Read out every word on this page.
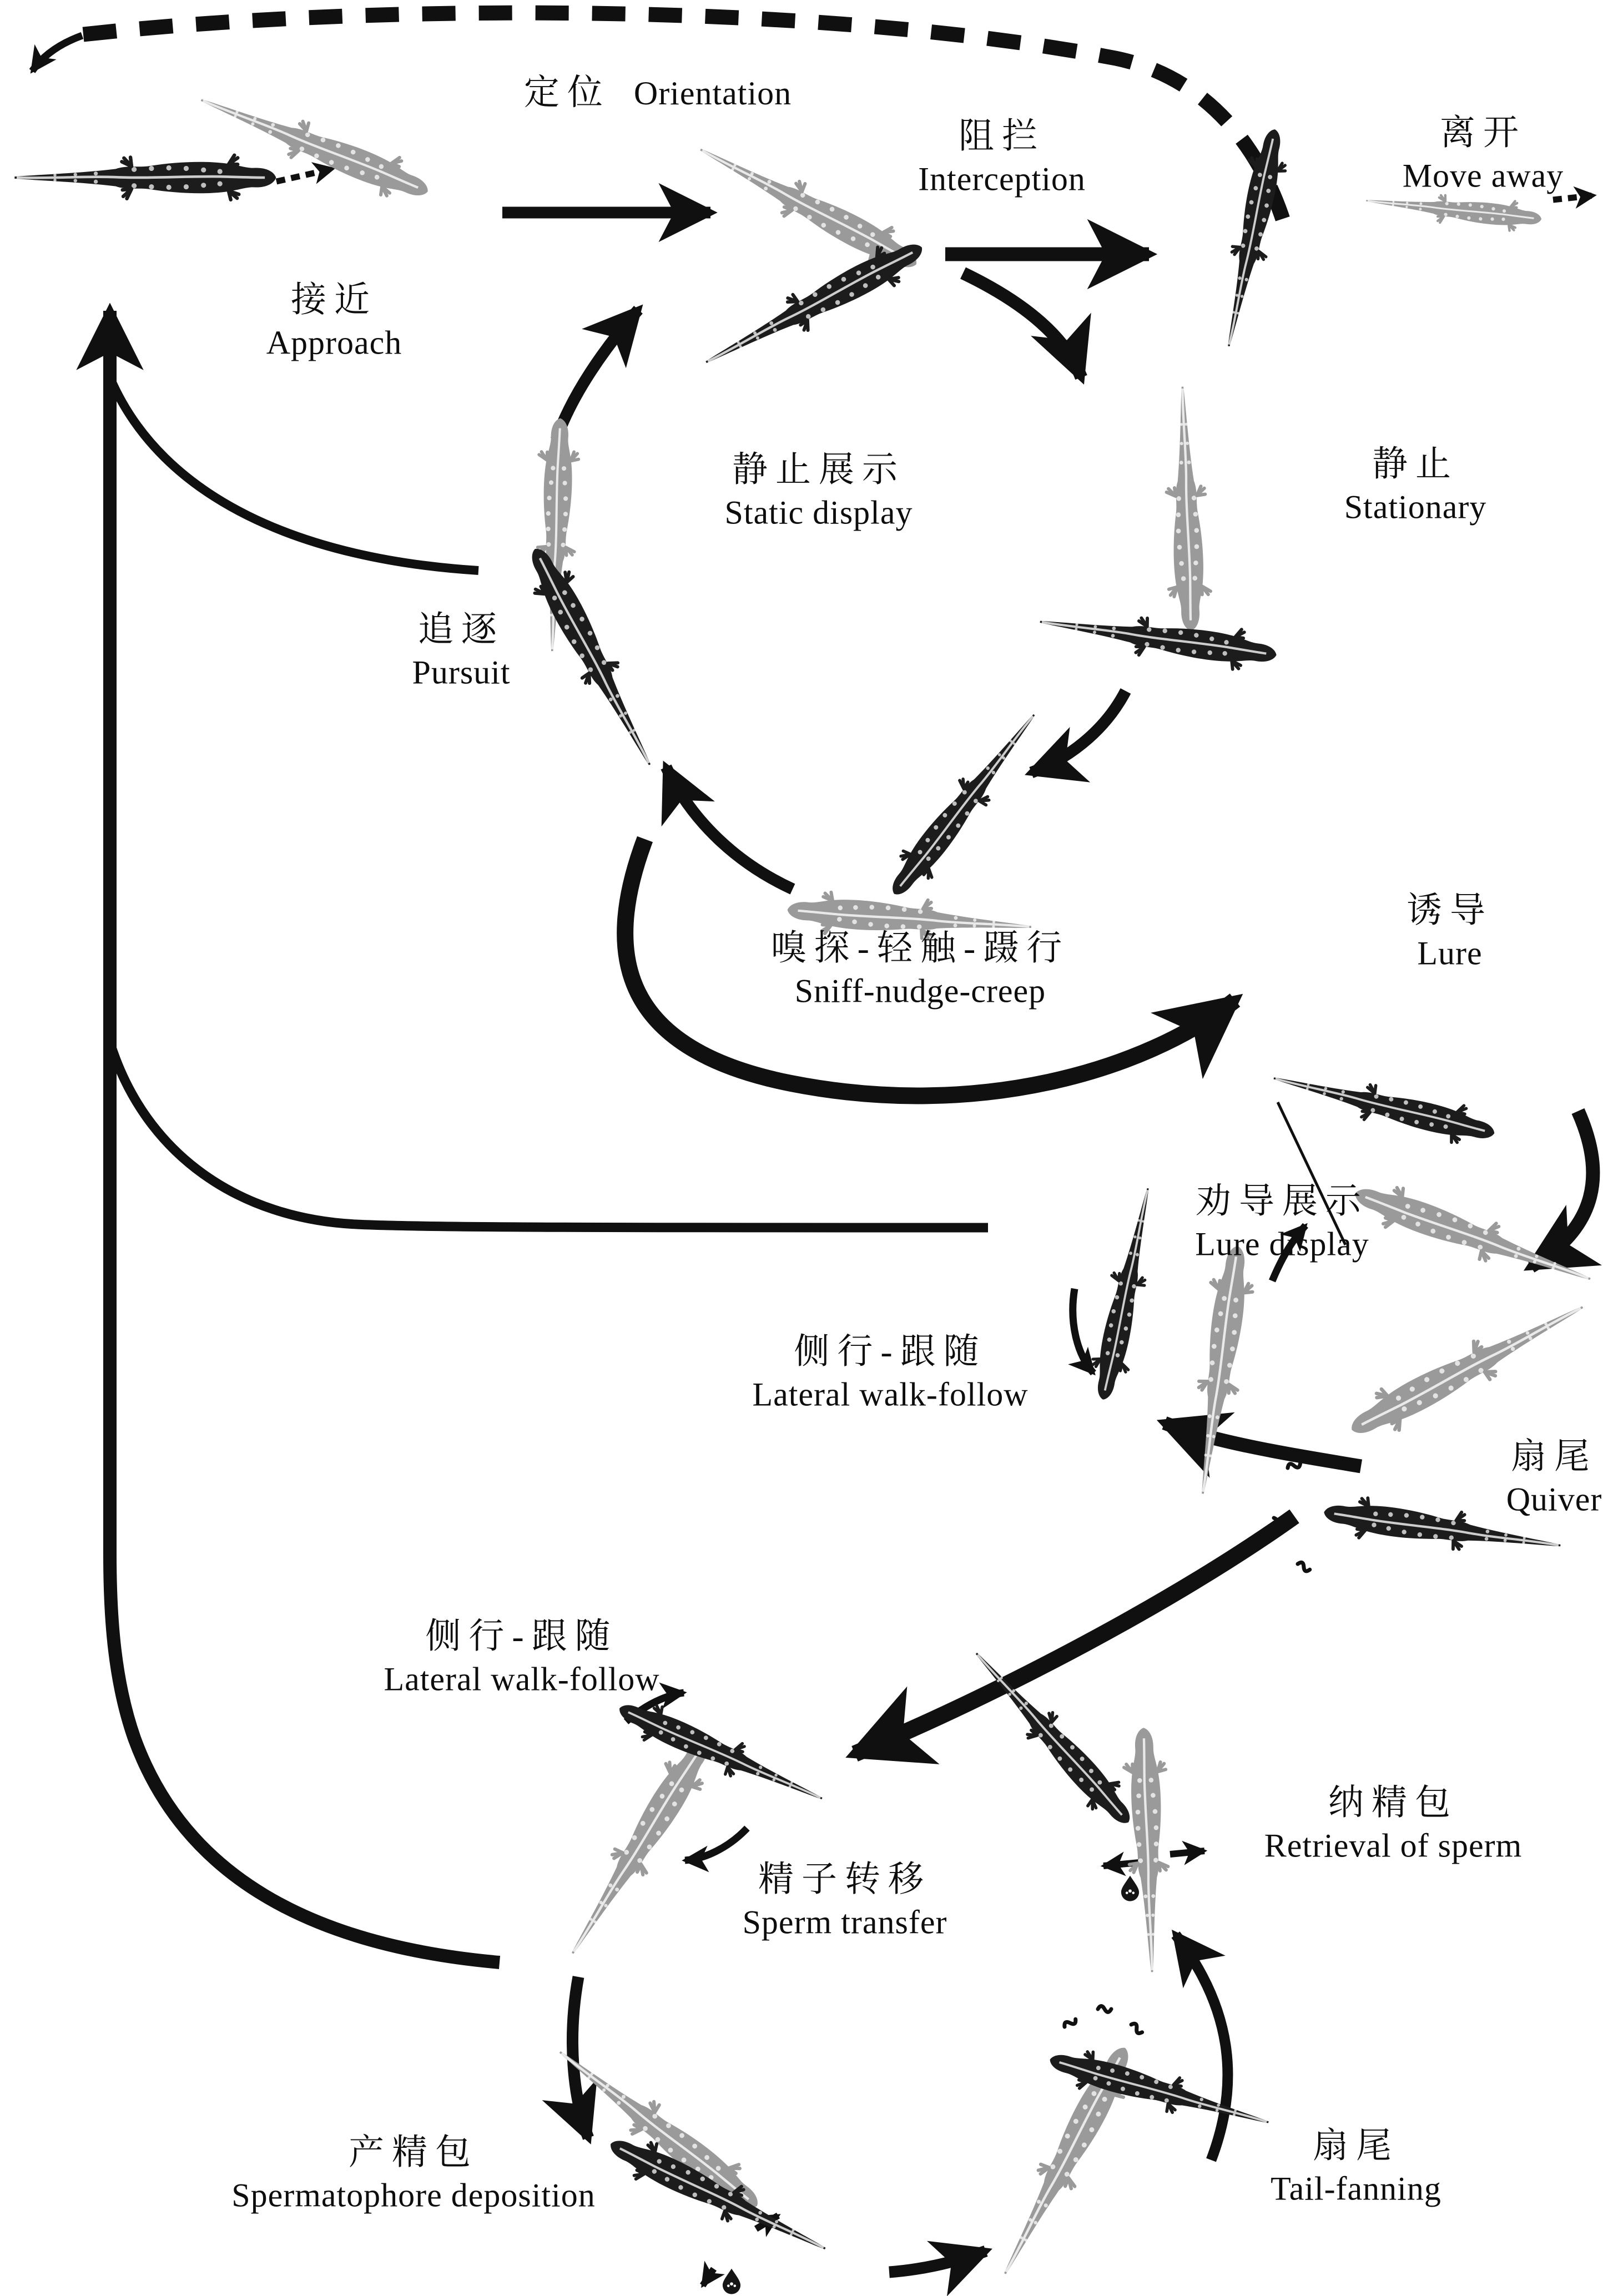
定位 Orientation
阻拦
Interception
离开
Move away
接近
Approach
静止展示
Static display
静止
Stationary
追逐
Pursuit
嗅探-轻触-蹑行
Sniff-nudge-creep
诱导
Lure
劝导展示
Lure display
侧行-跟随
Lateral walk-follow
扇尾
Quiver
侧行-跟随
Lateral walk-follow
纳精包
Retrieval of sperm
精子转移
Sperm transfer
产精包
Spermatophore deposition
扇尾
Tail-fanning
